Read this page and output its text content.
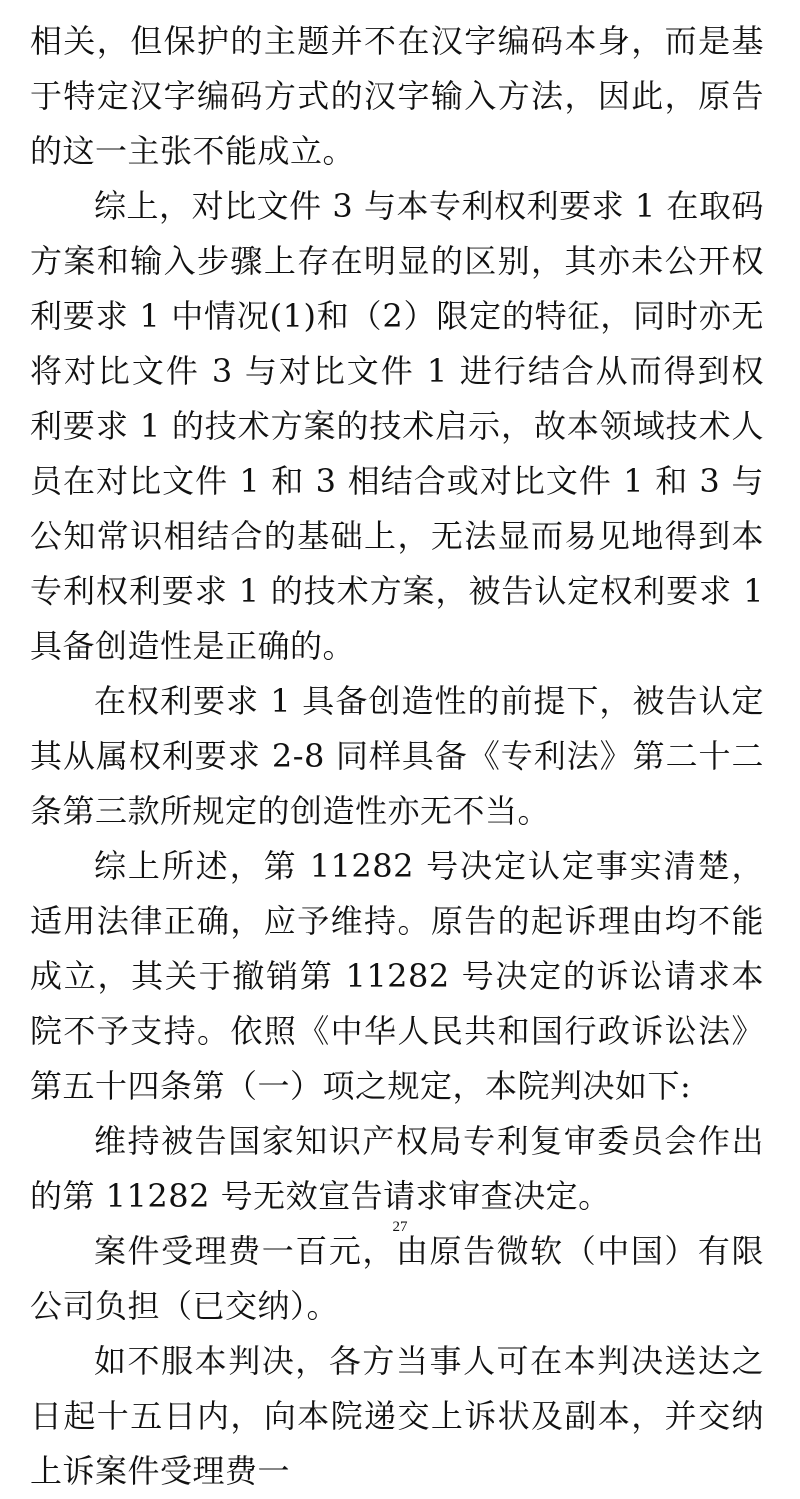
相关，但保护的主题并不在汉字编码本身，而是基于特定汉字编码方式的汉字输入方法，因此，原告的这一主张不能成立。

综上，对比文件 3 与本专利权利要求 1 在取码方案和输入步骤上存在明显的区别，其亦未公开权利要求 1 中情况(1)和（2）限定的特征，同时亦无将对比文件 3 与对比文件 1 进行结合从而得到权利要求 1 的技术方案的技术启示，故本领域技术人员在对比文件 1 和 3 相结合或对比文件 1 和 3 与公知常识相结合的基础上，无法显而易见地得到本专利权利要求 1 的技术方案，被告认定权利要求 1 具备创造性是正确的。

在权利要求 1 具备创造性的前提下，被告认定其从属权利要求 2-8 同样具备《专利法》第二十二条第三款所规定的创造性亦无不当。

综上所述，第 11282 号决定认定事实清楚，适用法律正确，应予维持。原告的起诉理由均不能成立，其关于撤销第 11282 号决定的诉讼请求本院不予支持。依照《中华人民共和国行政诉讼法》第五十四条第（一）项之规定，本院判决如下:

维持被告国家知识产权局专利复审委员会作出的第 11282 号无效宣告请求审查决定。

案件受理费一百元，由原告微软（中国）有限公司负担（已交纳）。

如不服本判决，各方当事人可在本判决送达之日起十五日内，向本院递交上诉状及副本，并交纳上诉案件受理费一

27
